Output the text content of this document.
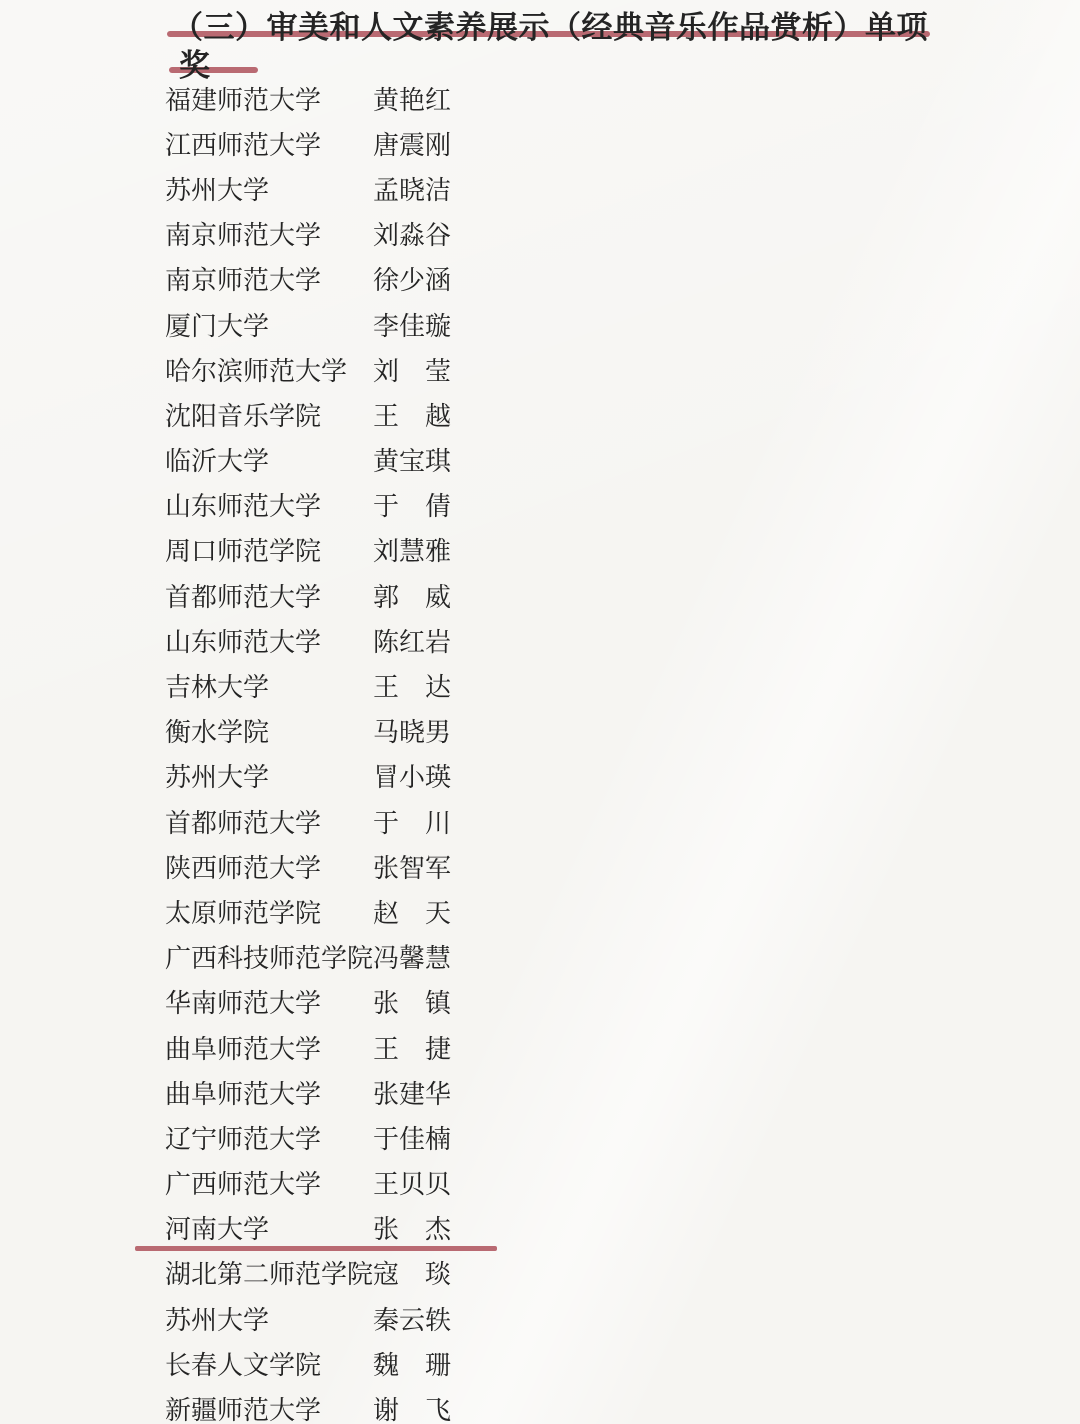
（三）审美和人文素养展示（经典音乐作品赏析）单项
奖
福建师范大学	黄艳红
江西师范大学	唐震刚
苏州大学	孟晓洁
南京师范大学	刘淼谷
南京师范大学	徐少涵
厦门大学	李佳璇
哈尔滨师范大学 刘　莹
沈阳音乐学院	王　越
临沂大学	黄宝琪
山东师范大学	于　倩
周口师范学院	刘慧雅
首都师范大学	郭　威
山东师范大学	陈红岩
吉林大学	王　达
衡水学院	马晓男
苏州大学	冒小瑛
首都师范大学	于　川
陕西师范大学	张智军
太原师范学院	赵　天
广西科技师范学院 冯馨慧
华南师范大学	张　镇
曲阜师范大学	王　捷
曲阜师范大学	张建华
辽宁师范大学	于佳楠
广西师范大学	王贝贝
河南大学	张　杰
湖北第二师范学院 寇　琰
苏州大学	秦云轶
长春人文学院	魏　珊
新疆师范大学	谢　飞
